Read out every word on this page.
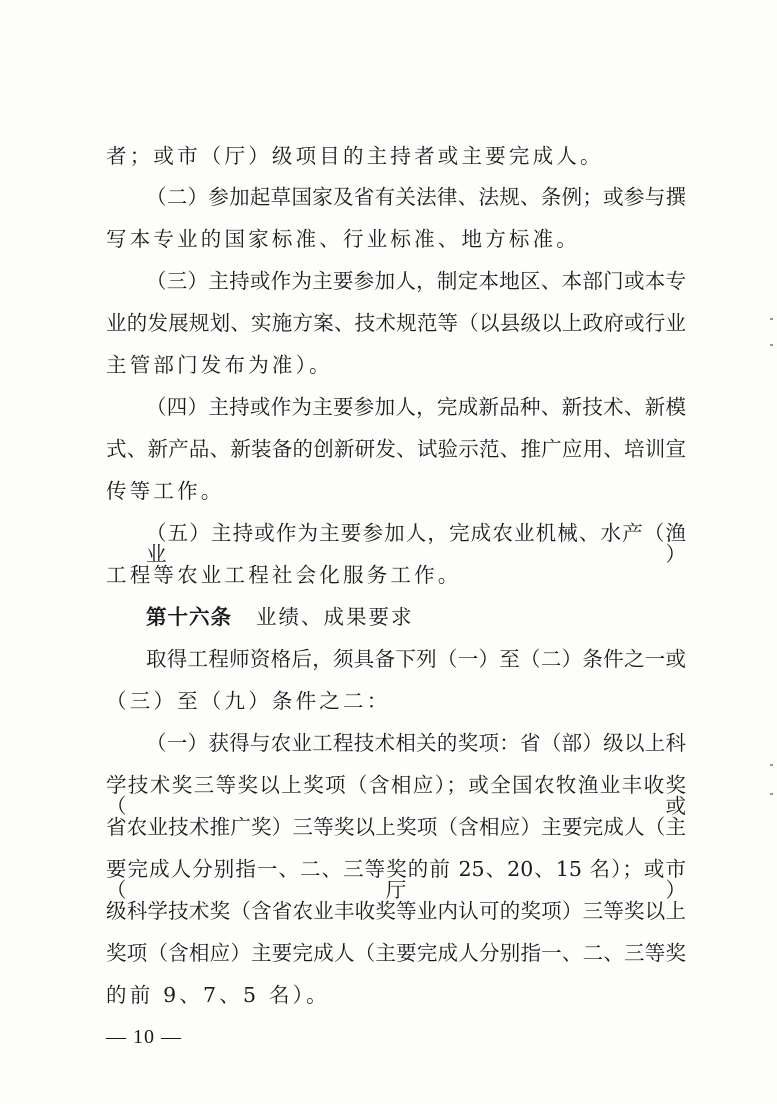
者；或市（厅）级项目的主持者或主要完成人。
（二）参加起草国家及省有关法律、法规、条例；或参与撰
写本专业的国家标准、行业标准、地方标准。
（三）主持或作为主要参加人，制定本地区、本部门或本专
业的发展规划、实施方案、技术规范等（以县级以上政府或行业
主管部门发布为准）。
（四）主持或作为主要参加人，完成新品种、新技术、新模
式、新产品、新装备的创新研发、试验示范、推广应用、培训宣
传等工作。
（五）主持或作为主要参加人，完成农业机械、水产（渔业）
工程等农业工程社会化服务工作。
第十六条 业绩、成果要求
取得工程师资格后，须具备下列（一）至（二）条件之一或
（三）至（九）条件之二：
（一）获得与农业工程技术相关的奖项：省（部）级以上科
学技术奖三等奖以上奖项（含相应）；或全国农牧渔业丰收奖（或
省农业技术推广奖）三等奖以上奖项（含相应）主要完成人（主
要完成人分别指一、二、三等奖的前 25、20、15 名）；或市（厅）
级科学技术奖（含省农业丰收奖等业内认可的奖项）三等奖以上
奖项（含相应）主要完成人（主要完成人分别指一、二、三等奖
的前 9、7、5 名）。
— 10 —
